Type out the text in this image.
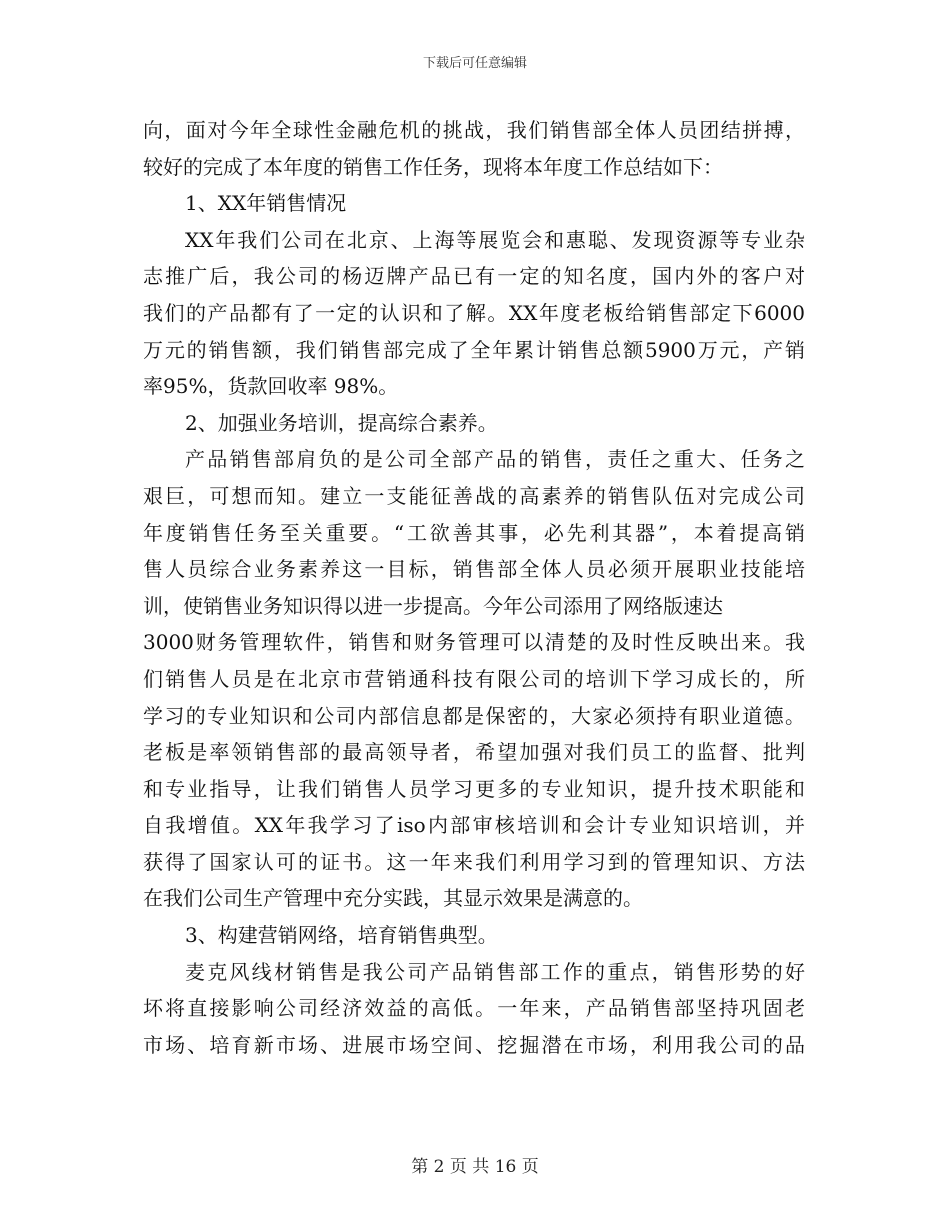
下载后可任意编辑
向，面对今年全球性金融危机的挑战，我们销售部全体人员团结拼搏，
较好的完成了本年度的销售工作任务，现将本年度工作总结如下：
1、XX年销售情况
XX年我们公司在北京、上海等展览会和惠聪、发现资源等专业杂
志推广后，我公司的杨迈牌产品已有一定的知名度，国内外的客户对
我们的产品都有了一定的认识和了解。XX年度老板给销售部定下6000
万元的销售额，我们销售部完成了全年累计销售总额5900万元，产销
率95%，货款回收率 98%。
2、加强业务培训，提高综合素养。
产品销售部肩负的是公司全部产品的销售，责任之重大、任务之
艰巨，可想而知。建立一支能征善战的高素养的销售队伍对完成公司
年度销售任务至关重要。“工欲善其事，必先利其器”，本着提高销
售人员综合业务素养这一目标，销售部全体人员必须开展职业技能培
训，使销售业务知识得以进一步提高。今年公司添用了网络版速达
3000财务管理软件，销售和财务管理可以清楚的及时性反映出来。我
们销售人员是在北京市营销通科技有限公司的培训下学习成长的，所
学习的专业知识和公司内部信息都是保密的，大家必须持有职业道德。
老板是率领销售部的最高领导者，希望加强对我们员工的监督、批判
和专业指导，让我们销售人员学习更多的专业知识，提升技术职能和
自我增值。XX年我学习了iso内部审核培训和会计专业知识培训，并
获得了国家认可的证书。这一年来我们利用学习到的管理知识、方法
在我们公司生产管理中充分实践，其显示效果是满意的。
3、构建营销网络，培育销售典型。
麦克风线材销售是我公司产品销售部工作的重点，销售形势的好
坏将直接影响公司经济效益的高低。一年来，产品销售部坚持巩固老
市场、培育新市场、进展市场空间、挖掘潜在市场，利用我公司的品
第 2 页 共 16 页
